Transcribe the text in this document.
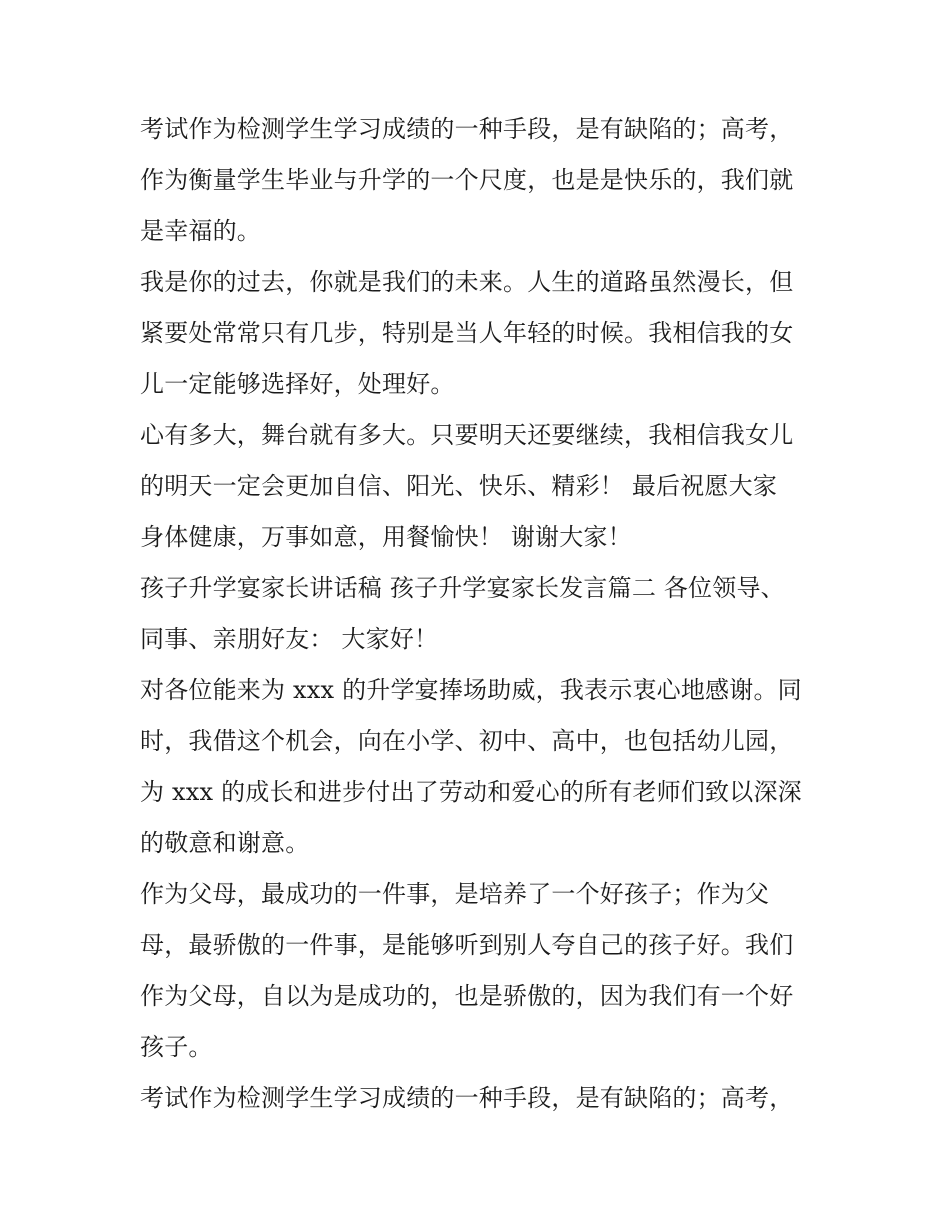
考试作为检测学生学习成绩的一种手段，是有缺陷的；高考，
作为衡量学生毕业与升学的一个尺度，也是是快乐的，我们就
是幸福的。
我是你的过去，你就是我们的未来。人生的道路虽然漫长，但
紧要处常常只有几步，特别是当人年轻的时候。我相信我的女
儿一定能够选择好，处理好。
心有多大，舞台就有多大。只要明天还要继续，我相信我女儿
的明天一定会更加自信、阳光、快乐、精彩！ 最后祝愿大家
身体健康，万事如意，用餐愉快！ 谢谢大家！
孩子升学宴家长讲话稿 孩子升学宴家长发言篇二 各位领导、
同事、亲朋好友： 大家好！
对各位能来为 xxx 的升学宴捧场助威，我表示衷心地感谢。同
时，我借这个机会，向在小学、初中、高中，也包括幼儿园，
为 xxx 的成长和进步付出了劳动和爱心的所有老师们致以深深
的敬意和谢意。
作为父母，最成功的一件事，是培养了一个好孩子；作为父
母，最骄傲的一件事，是能够听到别人夸自己的孩子好。我们
作为父母，自以为是成功的，也是骄傲的，因为我们有一个好
孩子。
考试作为检测学生学习成绩的一种手段，是有缺陷的；高考，
